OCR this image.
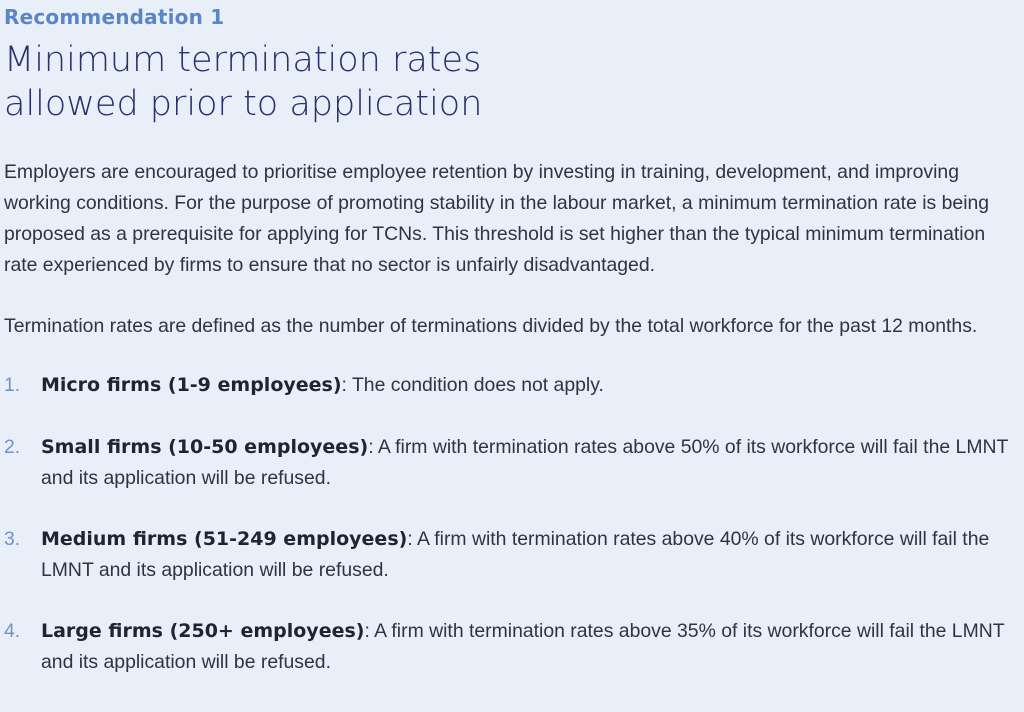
Recommendation 1
Minimum termination rates
allowed prior to application

Employers are encouraged to prioritise employee retention by investing in training, development, and improving working conditions. For the purpose of promoting stability in the labour market, a minimum termination rate is being proposed as a prerequisite for applying for TCNs. This threshold is set higher than the typical minimum termination rate experienced by firms to ensure that no sector is unfairly disadvantaged.

Termination rates are defined as the number of terminations divided by the total workforce for the past 12 months.

1. Micro firms (1-9 employees): The condition does not apply.
2. Small firms (10-50 employees): A firm with termination rates above 50% of its workforce will fail the LMNT and its application will be refused.
3. Medium firms (51-249 employees): A firm with termination rates above 40% of its workforce will fail the LMNT and its application will be refused.
4. Large firms (250+ employees): A firm with termination rates above 35% of its workforce will fail the LMNT and its application will be refused.
